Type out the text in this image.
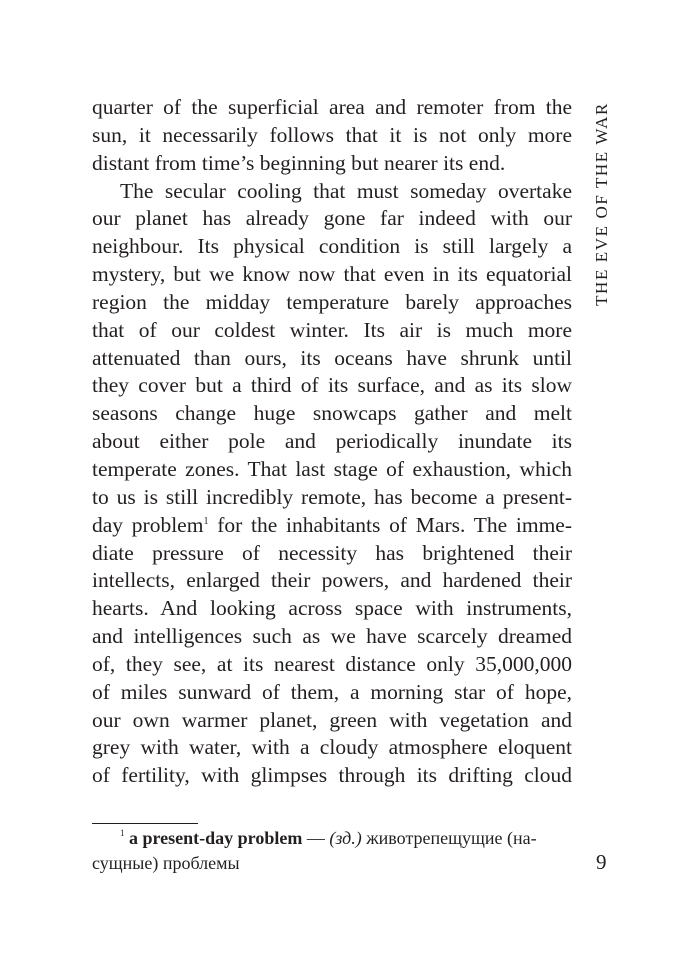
quarter of the superficial area and remoter from the
sun, it necessarily follows that it is not only more
distant from time’s beginning but nearer its end.
The secular cooling that must someday overtake
our planet has already gone far indeed with our
neighbour. Its physical condition is still largely a
mystery, but we know now that even in its equatorial
region the midday temperature barely approaches
that of our coldest winter. Its air is much more
attenuated than ours, its oceans have shrunk until
they cover but a third of its surface, and as its slow
seasons change huge snowcaps gather and melt
about either pole and periodically inundate its
temperate zones. That last stage of exhaustion, which
to us is still incredibly remote, has become a present-
day problem$^1$ for the inhabitants of Mars. The imme-
diate pressure of necessity has brightened their
intellects, enlarged their powers, and hardened their
hearts. And looking across space with instruments,
and intelligences such as we have scarcely dreamed
of, they see, at its nearest distance only 35,000,000
of miles sunward of them, a morning star of hope,
our own warmer planet, green with vegetation and
grey with water, with a cloudy atmosphere eloquent
of fertility, with glimpses through its drifting cloud
THE EVE OF THE WAR
$^1$ a present-day problem — (зд.) животрепещущие (на-
сущные) проблемы	9
